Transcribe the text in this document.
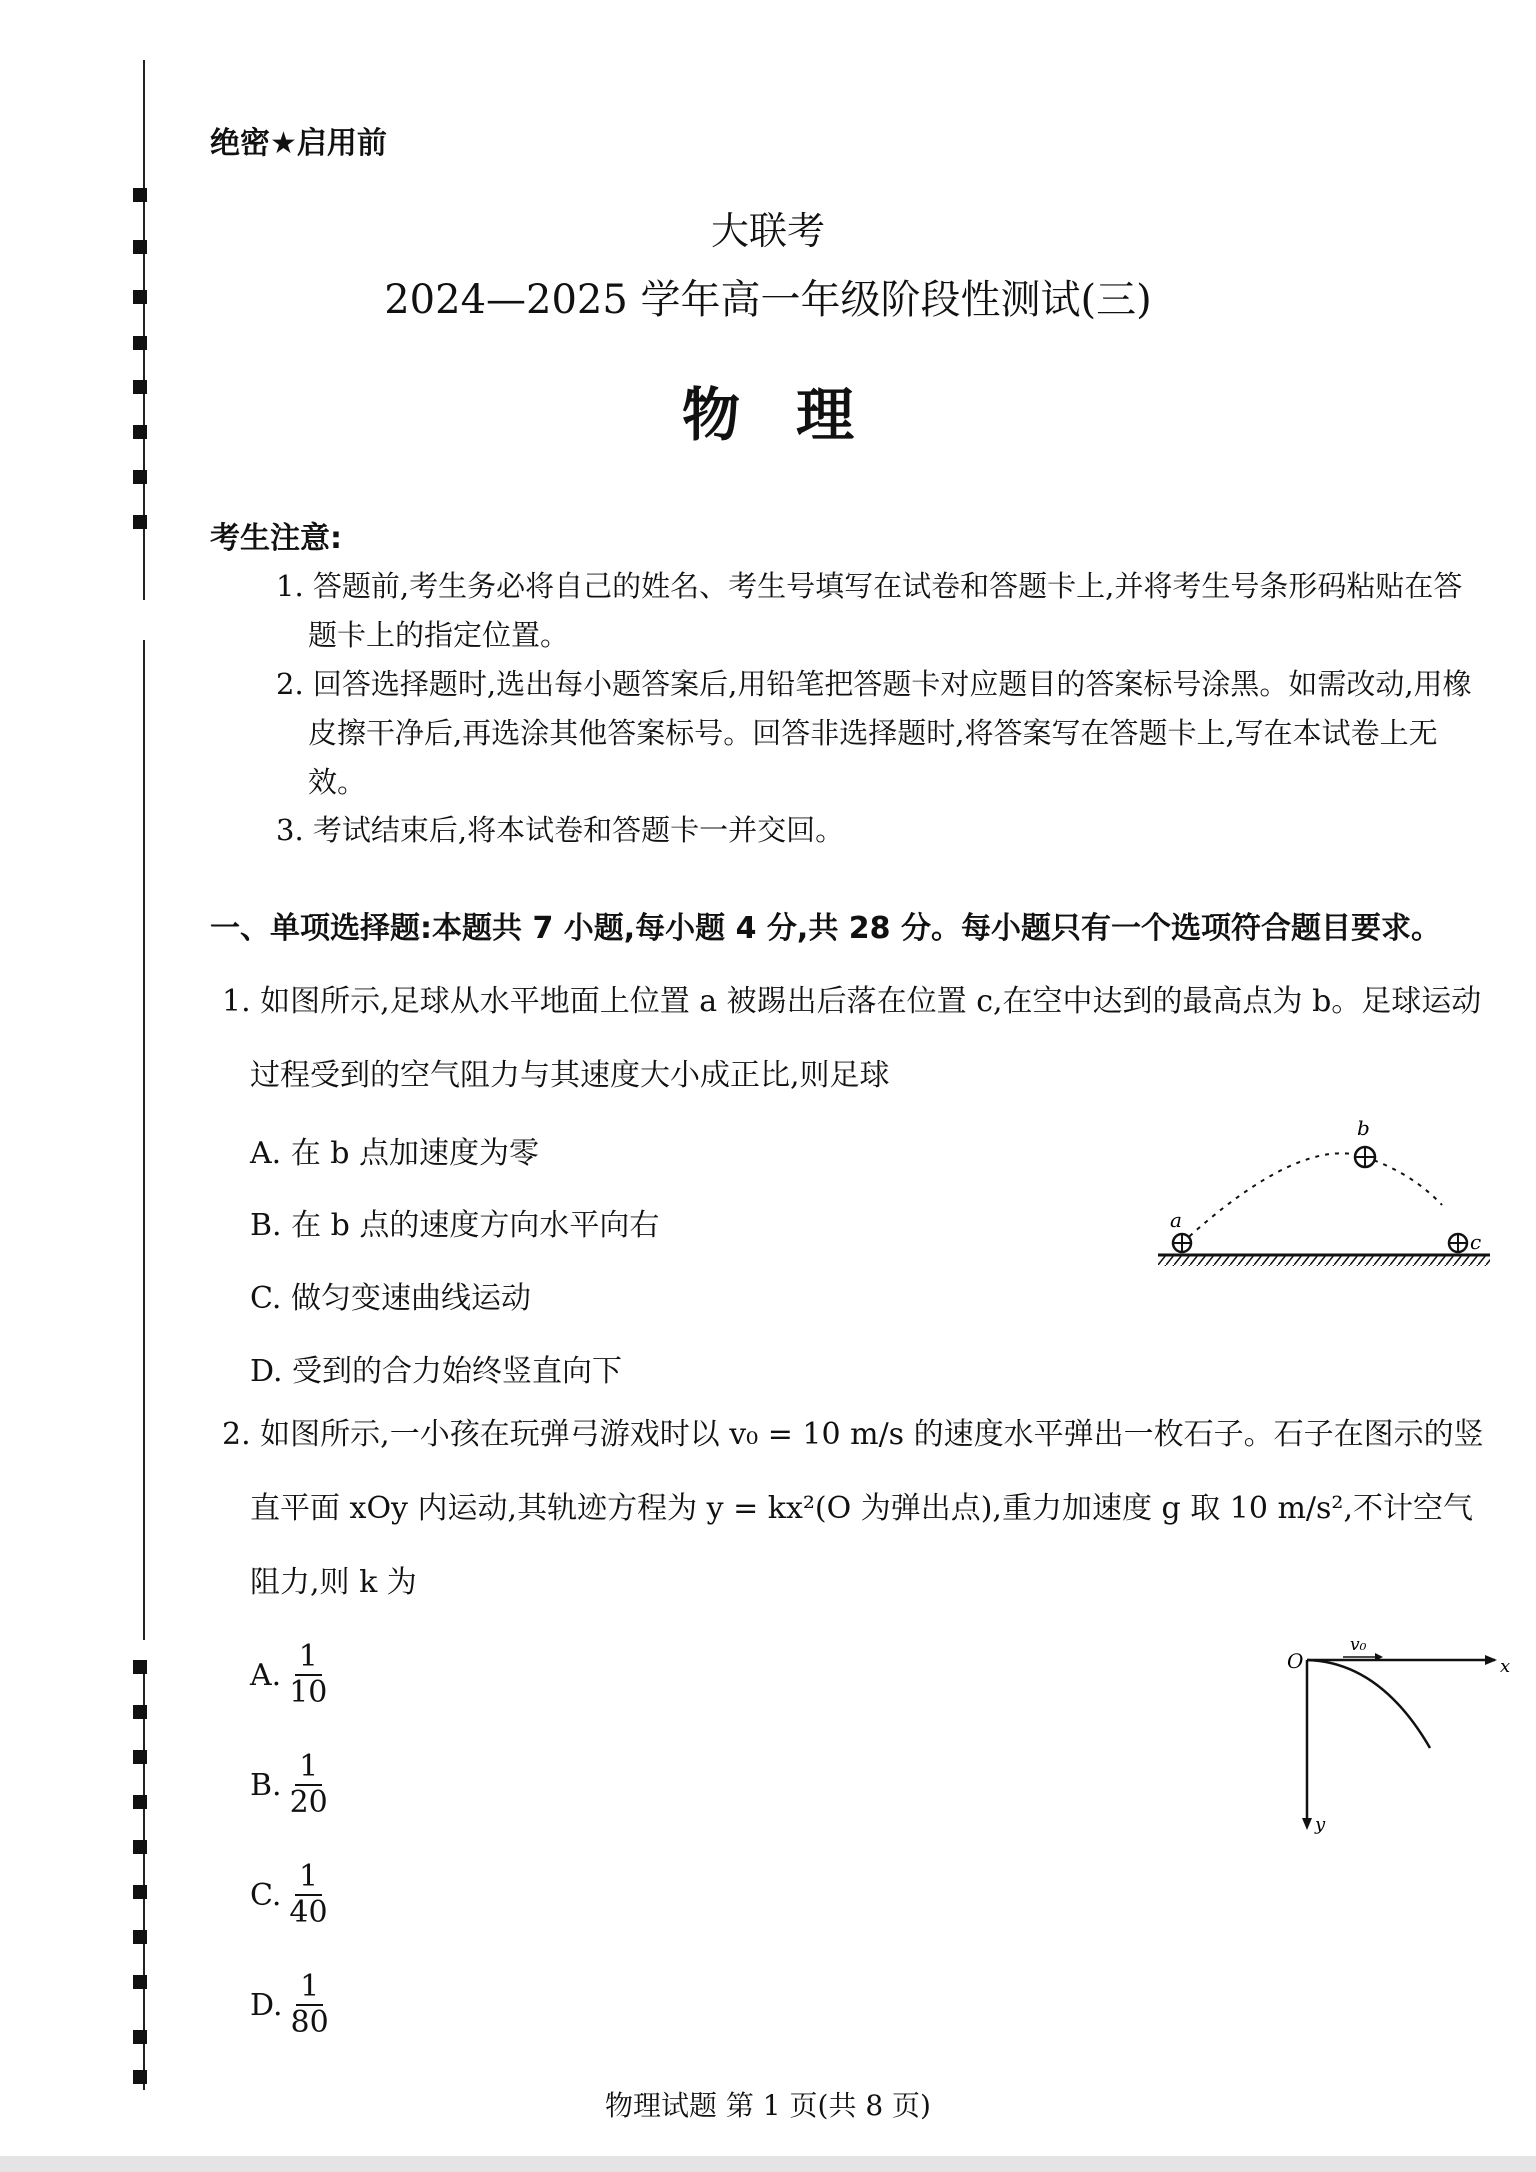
绝密★启用前
大联考
2024—2025 学年高一年级阶段性测试(三)
物理
考生注意:
1. 答题前,考生务必将自己的姓名、考生号填写在试卷和答题卡上,并将考生号条形码粘贴在答题卡上的指定位置。
2. 回答选择题时,选出每小题答案后,用铅笔把答题卡对应题目的答案标号涂黑。如需改动,用橡皮擦干净后,再选涂其他答案标号。回答非选择题时,将答案写在答题卡上,写在本试卷上无效。
3. 考试结束后,将本试卷和答题卡一并交回。
一、单项选择题:本题共 7 小题,每小题 4 分,共 28 分。每小题只有一个选项符合题目要求。
1. 如图所示,足球从水平地面上位置 a 被踢出后落在位置 c,在空中达到的最高点为 b。足球运动过程受到的空气阻力与其速度大小成正比,则足球
A. 在 b 点加速度为零
B. 在 b 点的速度方向水平向右
C. 做匀变速曲线运动
D. 受到的合力始终竖直向下
a
b
c
2. 如图所示,一小孩在玩弹弓游戏时以 v₀ = 10 m/s 的速度水平弹出一枚石子。石子在图示的竖直平面 xOy 内运动,其轨迹方程为 y = kx²(O 为弹出点),重力加速度 g 取 10 m/s²,不计空气阻力,则 k 为
A. $\frac{1}{10}$
B. $\frac{1}{20}$
C. $\frac{1}{40}$
D. $\frac{1}{80}$
O
v₀
x
y
物理试题 第 1 页(共 8 页)
